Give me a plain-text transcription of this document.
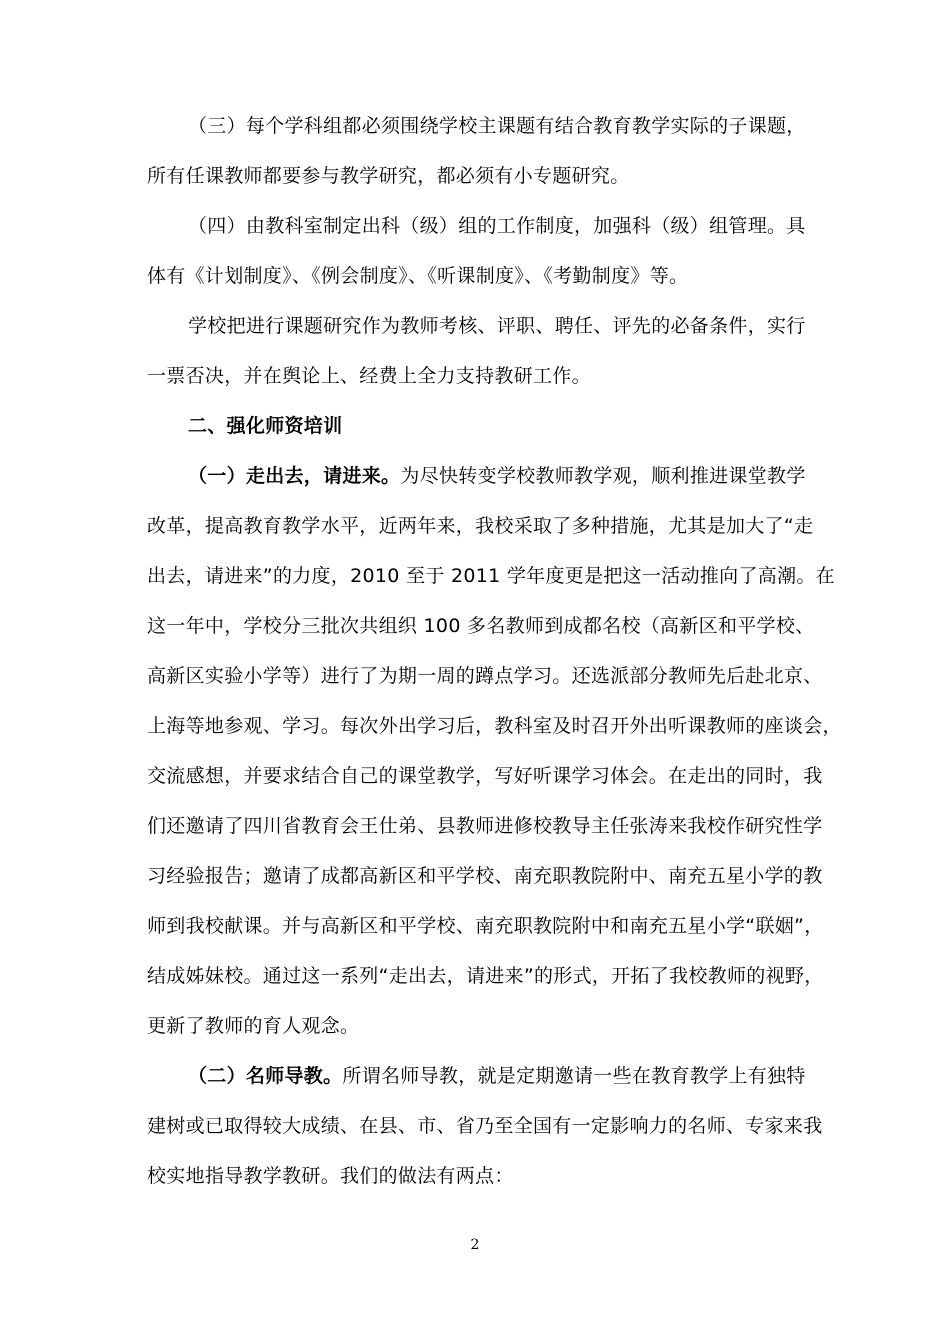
（三）每个学科组都必须围绕学校主课题有结合教育教学实际的子课题，
所有任课教师都要参与教学研究，都必须有小专题研究。
（四）由教科室制定出科（级）组的工作制度，加强科（级）组管理。具
体有《计划制度》、《例会制度》、《听课制度》、《考勤制度》等。
学校把进行课题研究作为教师考核、评职、聘任、评先的必备条件，实行
一票否决，并在舆论上、经费上全力支持教研工作。
二、强化师资培训
（一）走出去，请进来。为尽快转变学校教师教学观，顺利推进课堂教学
改革，提高教育教学水平，近两年来，我校采取了多种措施，尤其是加大了“走
出去，请进来”的力度，2010 至于 2011 学年度更是把这一活动推向了高潮。在
这一年中，学校分三批次共组织 100 多名教师到成都名校（高新区和平学校、
高新区实验小学等）进行了为期一周的蹲点学习。还选派部分教师先后赴北京、
上海等地参观、学习。每次外出学习后，教科室及时召开外出听课教师的座谈会，
交流感想，并要求结合自己的课堂教学，写好听课学习体会。在走出的同时，我
们还邀请了四川省教育会王仕弟、县教师进修校教导主任张涛来我校作研究性学
习经验报告；邀请了成都高新区和平学校、南充职教院附中、南充五星小学的教
师到我校献课。并与高新区和平学校、南充职教院附中和南充五星小学“联姻”，
结成姊妹校。通过这一系列“走出去，请进来”的形式，开拓了我校教师的视野，
更新了教师的育人观念。
（二）名师导教。所谓名师导教，就是定期邀请一些在教育教学上有独特
建树或已取得较大成绩、在县、市、省乃至全国有一定影响力的名师、专家来我
校实地指导教学教研。我们的做法有两点：
2
